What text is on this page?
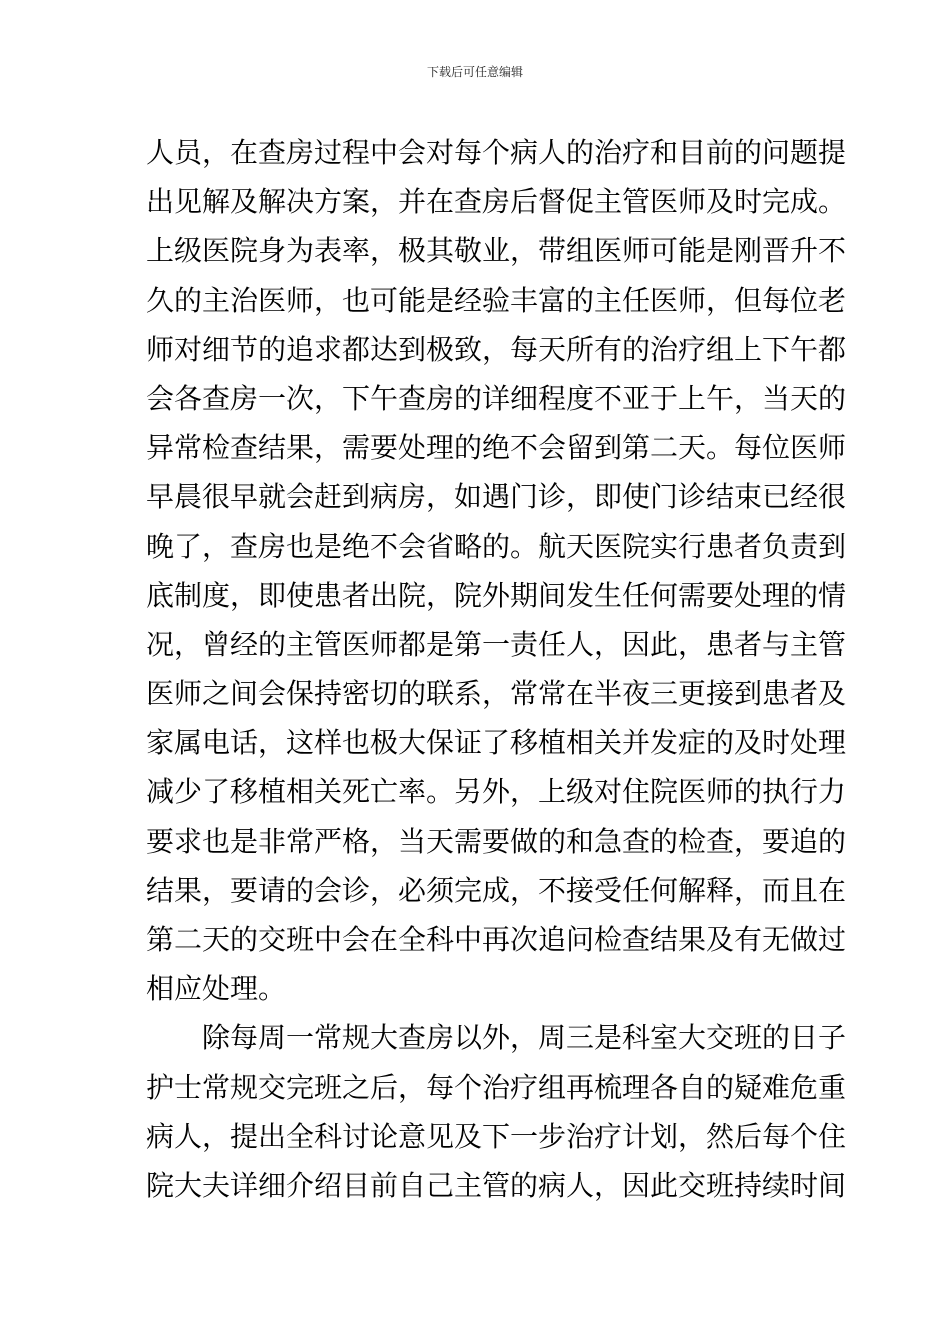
下载后可任意编辑
人员，在查房过程中会对每个病人的治疗和目前的问题提
出见解及解决方案，并在查房后督促主管医师及时完成。
上级医院身为表率，极其敬业，带组医师可能是刚晋升不
久的主治医师，也可能是经验丰富的主任医师，但每位老
师对细节的追求都达到极致，每天所有的治疗组上下午都
会各查房一次，下午查房的详细程度不亚于上午，当天的
异常检查结果，需要处理的绝不会留到第二天。每位医师
早晨很早就会赶到病房，如遇门诊，即使门诊结束已经很
晚了，查房也是绝不会省略的。航天医院实行患者负责到
底制度，即使患者出院，院外期间发生任何需要处理的情
况，曾经的主管医师都是第一责任人，因此，患者与主管
医师之间会保持密切的联系，常常在半夜三更接到患者及
家属电话，这样也极大保证了移植相关并发症的及时处理
减少了移植相关死亡率。另外，上级对住院医师的执行力
要求也是非常严格，当天需要做的和急查的检查，要追的
结果，要请的会诊，必须完成，不接受任何解释，而且在
第二天的交班中会在全科中再次追问检查结果及有无做过
相应处理。
除每周一常规大查房以外，周三是科室大交班的日子
护士常规交完班之后，每个治疗组再梳理各自的疑难危重
病人，提出全科讨论意见及下一步治疗计划，然后每个住
院大夫详细介绍目前自己主管的病人，因此交班持续时间
